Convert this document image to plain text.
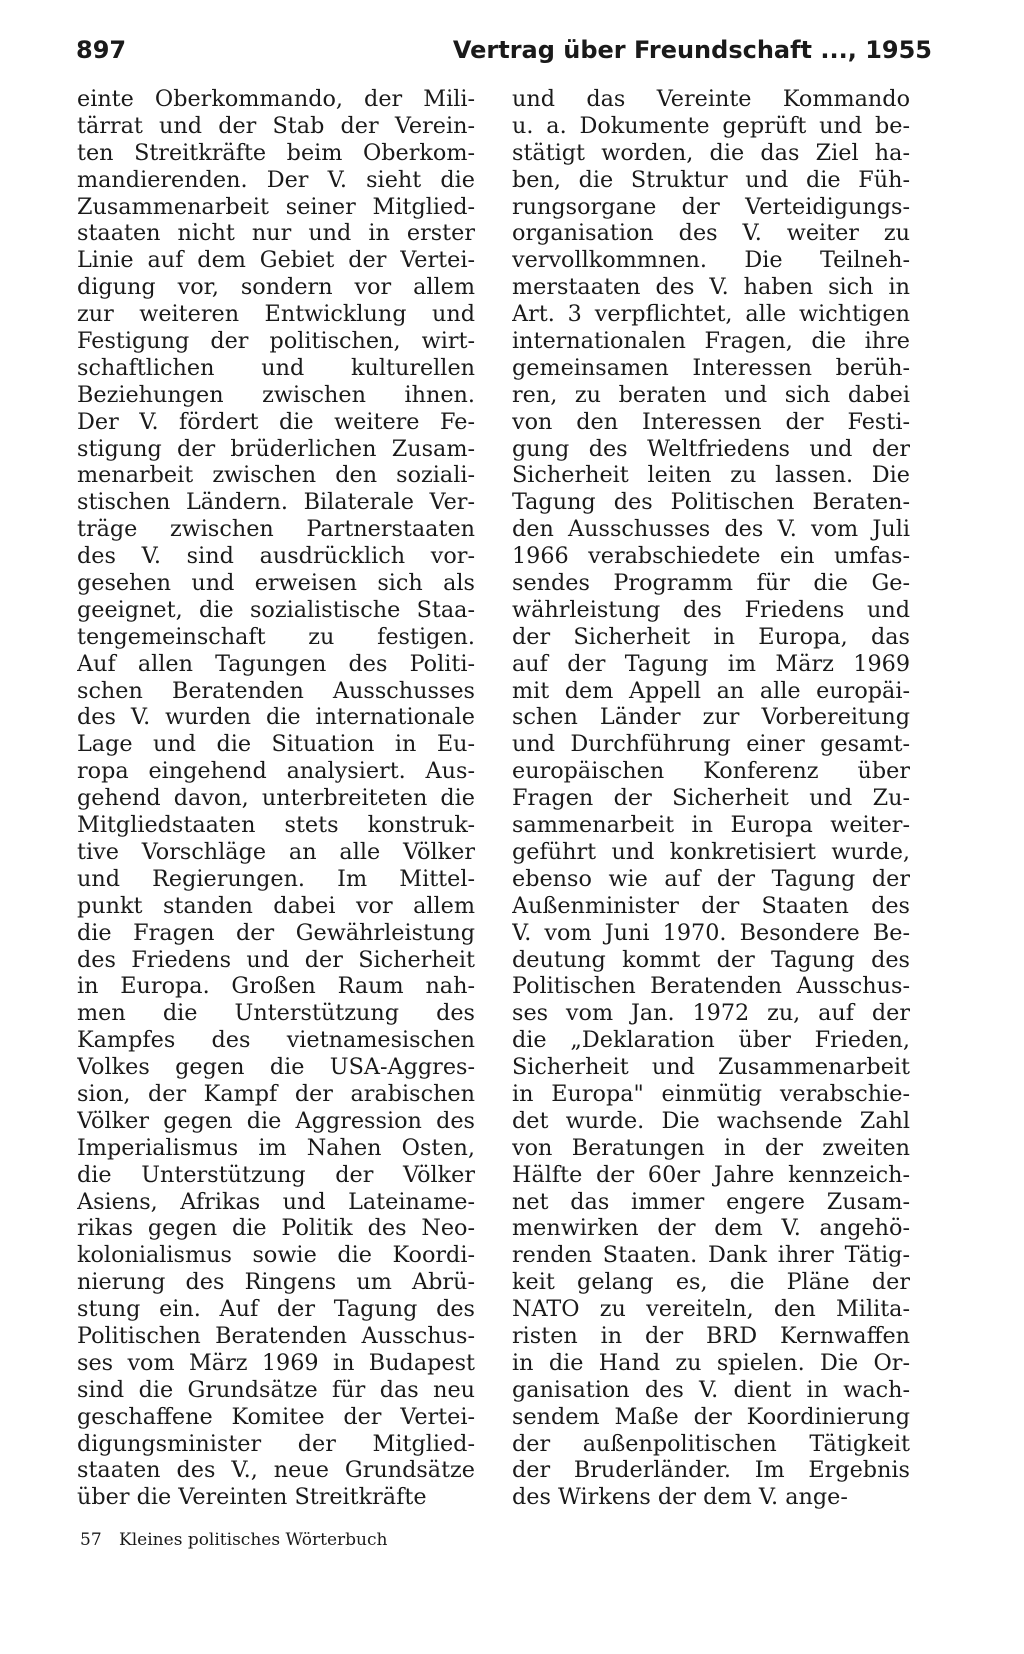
897	Vertrag über Freundschaft ..., 1955
einte Oberkommando, der Mili-
tärrat und der Stab der Verein-
ten Streitkräfte beim Oberkom-
mandierenden. Der V. sieht die
Zusammenarbeit seiner Mitglied-
staaten nicht nur und in erster
Linie auf dem Gebiet der Vertei-
digung vor, sondern vor allem
zur weiteren Entwicklung und
Festigung der politischen, wirt-
schaftlichen und kulturellen
Beziehungen zwischen ihnen.
Der V. fördert die weitere Fe-
stigung der brüderlichen Zusam-
menarbeit zwischen den soziali-
stischen Ländern. Bilaterale Ver-
träge zwischen Partnerstaaten
des V. sind ausdrücklich vor-
gesehen und erweisen sich als
geeignet, die sozialistische Staa-
tengemeinschaft zu festigen.
Auf allen Tagungen des Politi-
schen Beratenden Ausschusses
des V. wurden die internationale
Lage und die Situation in Eu-
ropa eingehend analysiert. Aus-
gehend davon, unterbreiteten die
Mitgliedstaaten stets konstruk-
tive Vorschläge an alle Völker
und Regierungen. Im Mittel-
punkt standen dabei vor allem
die Fragen der Gewährleistung
des Friedens und der Sicherheit
in Europa. Großen Raum nah-
men die Unterstützung des
Kampfes des vietnamesischen
Volkes gegen die USA-Aggres-
sion, der Kampf der arabischen
Völker gegen die Aggression des
Imperialismus im Nahen Osten,
die Unterstützung der Völker
Asiens, Afrikas und Lateiname-
rikas gegen die Politik des Neo-
kolonialismus sowie die Koordi-
nierung des Ringens um Abrü-
stung ein. Auf der Tagung des
Politischen Beratenden Ausschus-
ses vom März 1969 in Budapest
sind die Grundsätze für das neu
geschaffene Komitee der Vertei-
digungsminister der Mitglied-
staaten des V., neue Grundsätze
über die Vereinten Streitkräfte
und das Vereinte Kommando
u. a. Dokumente geprüft und be-
stätigt worden, die das Ziel ha-
ben, die Struktur und die Füh-
rungsorgane der Verteidigungs-
organisation des V. weiter zu
vervollkommnen. Die Teilneh-
merstaaten des V. haben sich in
Art. 3 verpflichtet, alle wichtigen
internationalen Fragen, die ihre
gemeinsamen Interessen berüh-
ren, zu beraten und sich dabei
von den Interessen der Festi-
gung des Weltfriedens und der
Sicherheit leiten zu lassen. Die
Tagung des Politischen Beraten-
den Ausschusses des V. vom Juli
1966 verabschiedete ein umfas-
sendes Programm für die Ge-
währleistung des Friedens und
der Sicherheit in Europa, das
auf der Tagung im März 1969
mit dem Appell an alle europäi-
schen Länder zur Vorbereitung
und Durchführung einer gesamt-
europäischen Konferenz über
Fragen der Sicherheit und Zu-
sammenarbeit in Europa weiter-
geführt und konkretisiert wurde,
ebenso wie auf der Tagung der
Außenminister der Staaten des
V. vom Juni 1970. Besondere Be-
deutung kommt der Tagung des
Politischen Beratenden Ausschus-
ses vom Jan. 1972 zu, auf der
die „Deklaration über Frieden,
Sicherheit und Zusammenarbeit
in Europa" einmütig verabschie-
det wurde. Die wachsende Zahl
von Beratungen in der zweiten
Hälfte der 60er Jahre kennzeich-
net das immer engere Zusam-
menwirken der dem V. angehö-
renden Staaten. Dank ihrer Tätig-
keit gelang es, die Pläne der
NATO zu vereiteln, den Milita-
risten in der BRD Kernwaffen
in die Hand zu spielen. Die Or-
ganisation des V. dient in wach-
sendem Maße der Koordinierung
der außenpolitischen Tätigkeit
der Bruderländer. Im Ergebnis
des Wirkens der dem V. ange-
57 Kleines politisches Wörterbuch
